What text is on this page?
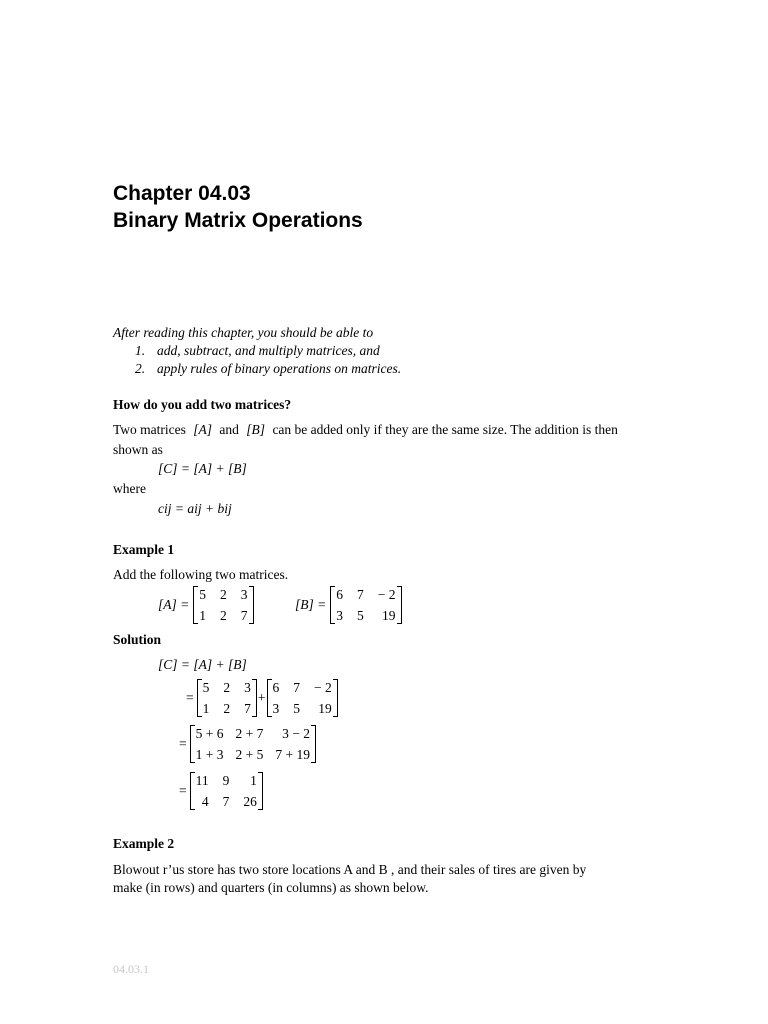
Chapter 04.03
Binary Matrix Operations
After reading this chapter, you should be able to
1. add, subtract, and multiply matrices, and
2. apply rules of binary operations on matrices.
How do you add two matrices?
Two matrices [A] and [B] can be added only if they are the same size. The addition is then
shown as
[C] = [A] + [B]
where
cij = aij + bij
Example 1
Add the following two matrices.
[A] =
5 2 3
1 2 7
[B] =
6 7 − 2
3 5	19
Solution
[C] = [A] + [B]
=
5 2 3
1 2 7
+
6 7 − 2
3 5	19
=
5 + 6 2 + 7	3 − 2
1 + 3 2 + 5 7 + 19
=
11 9	1
4 7 26
Example 2
Blowout r’us store has two store locations A and B , and their sales of tires are given by
make (in rows) and quarters (in columns) as shown below.
04.03.1
